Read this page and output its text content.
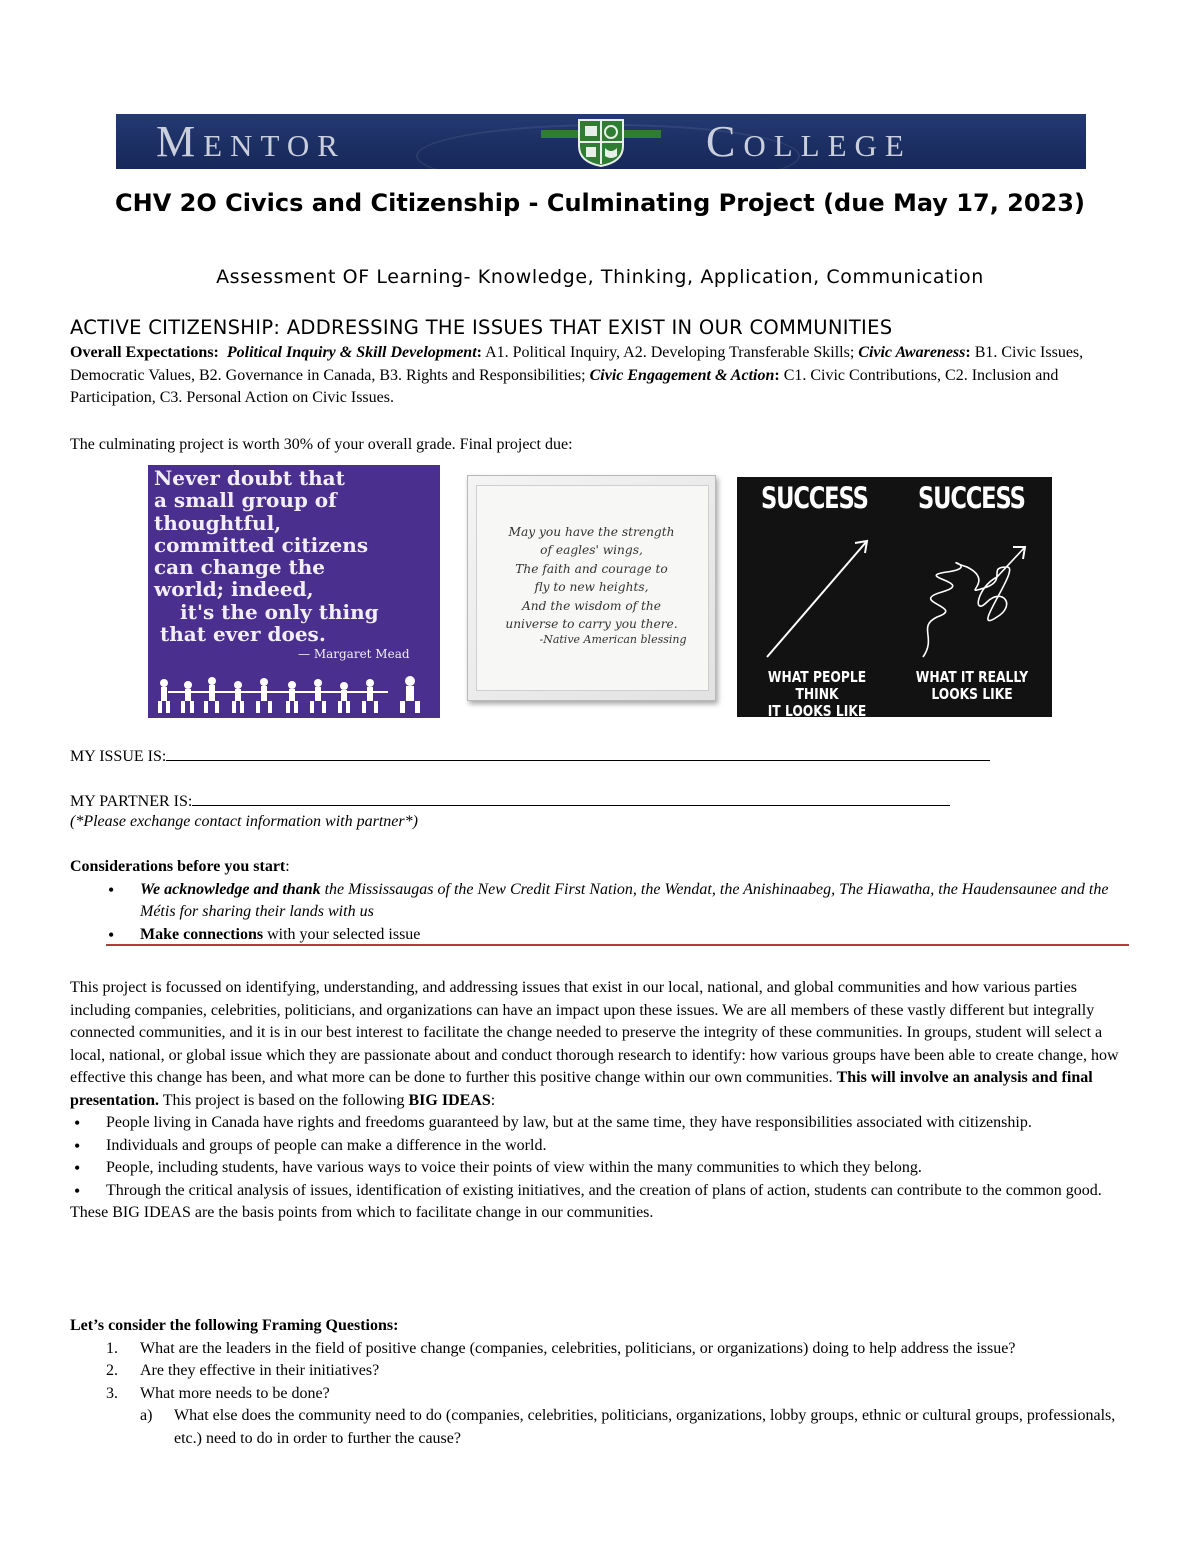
Mentor	College
CHV 2O Civics and Citizenship - Culminating Project (due May 17, 2023)
Assessment OF Learning- Knowledge, Thinking, Application, Communication
ACTIVE CITIZENSHIP: ADDRESSING THE ISSUES THAT EXIST IN OUR COMMUNITIES
Overall Expectations: Political Inquiry & Skill Development: A1. Political Inquiry, A2. Developing Transferable Skills; Civic Awareness: B1. Civic Issues, Democratic Values, B2. Governance in Canada, B3. Rights and Responsibilities; Civic Engagement & Action: C1. Civic Contributions, C2. Inclusion and Participation, C3. Personal Action on Civic Issues.
The culminating project is worth 30% of your overall grade. Final project due:
Never doubt that
a small group of
thoughtful,
committed citizens
can change the
world; indeed,
it's the only thing
that ever does.
— Margaret Mead
May you have the strength
of eagles' wings,
The faith and courage to
fly to new heights,
And the wisdom of the
universe to carry you there.
-Native American blessing
SUCCESS SUCCESS
WHAT PEOPLE THINK
IT LOOKS LIKE
WHAT IT REALLY
LOOKS LIKE
MY ISSUE IS:
MY PARTNER IS:
(*Please exchange contact information with partner*)
Considerations before you start:
• We acknowledge and thank the Mississaugas of the New Credit First Nation, the Wendat, the Anishinaabeg, The Hiawatha, the Haudensaunee and the Métis for sharing their lands with us
• Make connections with your selected issue
This project is focussed on identifying, understanding, and addressing issues that exist in our local, national, and global communities and how various parties including companies, celebrities, politicians, and organizations can have an impact upon these issues. We are all members of these vastly different but integrally connected communities, and it is in our best interest to facilitate the change needed to preserve the integrity of these communities. In groups, student will select a local, national, or global issue which they are passionate about and conduct thorough research to identify: how various groups have been able to create change, how effective this change has been, and what more can be done to further this positive change within our own communities. This will involve an analysis and final presentation. This project is based on the following BIG IDEAS:
• People living in Canada have rights and freedoms guaranteed by law, but at the same time, they have responsibilities associated with citizenship.
• Individuals and groups of people can make a difference in the world.
• People, including students, have various ways to voice their points of view within the many communities to which they belong.
• Through the critical analysis of issues, identification of existing initiatives, and the creation of plans of action, students can contribute to the common good.
These BIG IDEAS are the basis points from which to facilitate change in our communities.
Let’s consider the following Framing Questions:
1. What are the leaders in the field of positive change (companies, celebrities, politicians, or organizations) doing to help address the issue?
2. Are they effective in their initiatives?
3. What more needs to be done?
a) What else does the community need to do (companies, celebrities, politicians, organizations, lobby groups, ethnic or cultural groups, professionals, etc.) need to do in order to further the cause?
